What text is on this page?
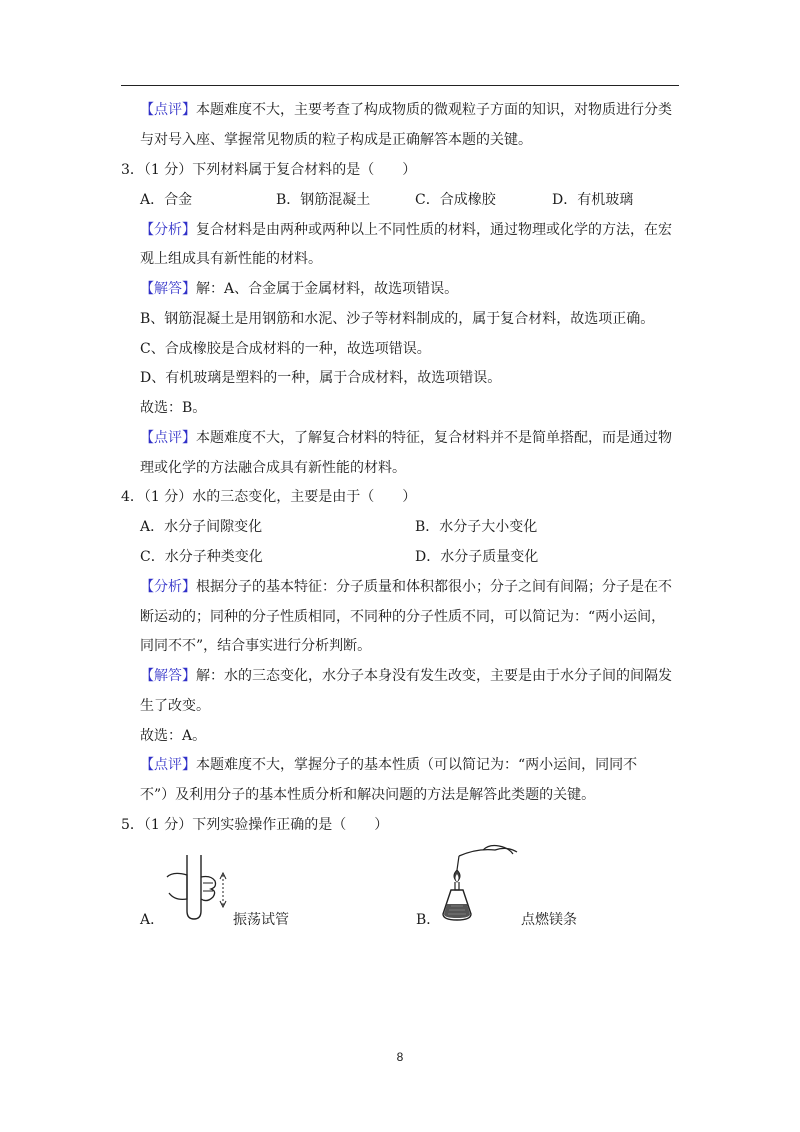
【点评】本题难度不大，主要考查了构成物质的微观粒子方面的知识，对物质进行分类
与对号入座、掌握常见物质的粒子构成是正确解答本题的关键。
3．（1 分）下列材料属于复合材料的是（　　）
A．合金	B．钢筋混凝土	C．合成橡胶	D．有机玻璃
【分析】复合材料是由两种或两种以上不同性质的材料，通过物理或化学的方法，在宏
观上组成具有新性能的材料。
【解答】解：A、合金属于金属材料，故选项错误。
B、钢筋混凝土是用钢筋和水泥、沙子等材料制成的，属于复合材料，故选项正确。
C、合成橡胶是合成材料的一种，故选项错误。
D、有机玻璃是塑料的一种，属于合成材料，故选项错误。
故选：B。
【点评】本题难度不大，了解复合材料的特征，复合材料并不是简单搭配，而是通过物
理或化学的方法融合成具有新性能的材料。
4．（1 分）水的三态变化，主要是由于（　　）
A．水分子间隙变化	B．水分子大小变化
C．水分子种类变化	D．水分子质量变化
【分析】根据分子的基本特征：分子质量和体积都很小；分子之间有间隔；分子是在不
断运动的；同种的分子性质相同，不同种的分子性质不同，可以简记为：“两小运间，
同同不不”，结合事实进行分析判断。
【解答】解：水的三态变化，水分子本身没有发生改变，主要是由于水分子间的间隔发
生了改变。
故选：A。
【点评】本题难度不大，掌握分子的基本性质（可以简记为：“两小运间，同同不
不”）及利用分子的基本性质分析和解决问题的方法是解答此类题的关键。
5．（1 分）下列实验操作正确的是（　　）
A．	振荡试管	B．	点燃镁条
8
